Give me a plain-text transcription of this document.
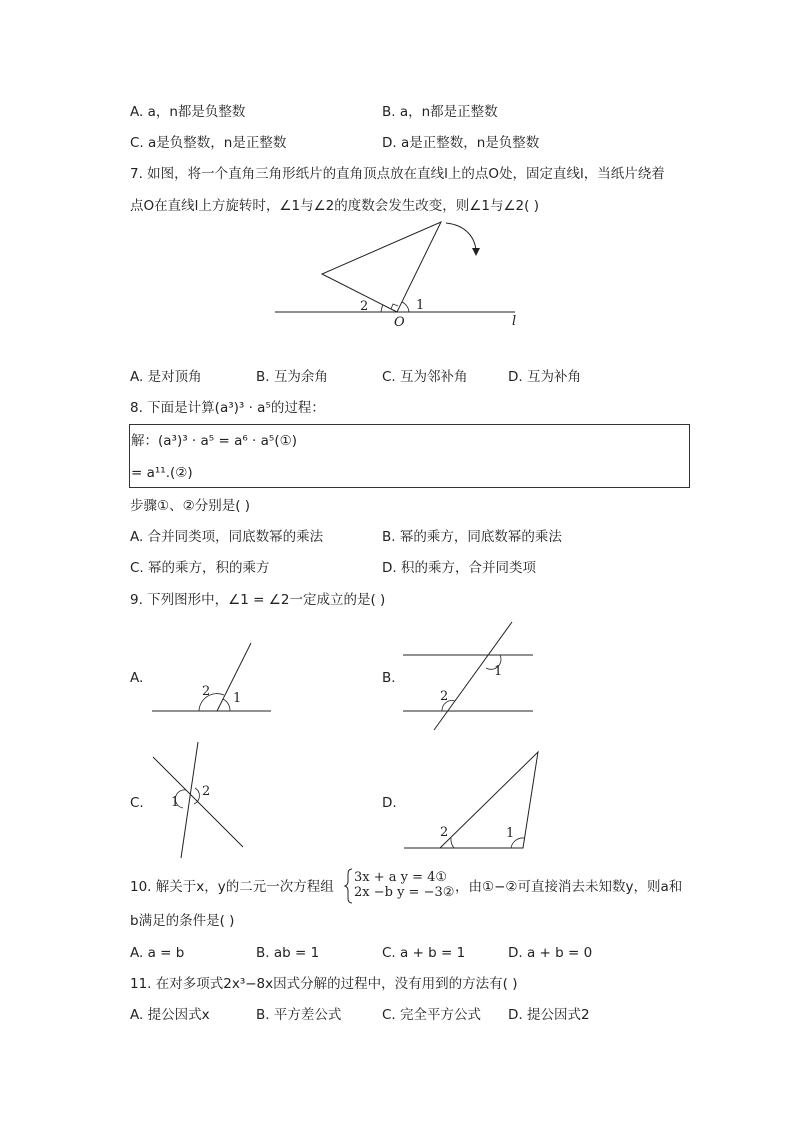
A. a，n都是负整数	B. a，n都是正整数
C. a是负整数，n是正整数	D. a是正整数，n是负整数
7. 如图，将一个直角三角形纸片的直角顶点放在直线l上的点O处，固定直线l，当纸片绕着
点O在直线l上方旋转时，∠1与∠2的度数会发生改变，则∠1与∠2( )
2	1
O	l
A. 是对顶角	B. 互为余角	C. 互为邻补角	D. 互为补角
8. 下面是计算(a³)³ · a⁵的过程：
解：(a³)³ · a⁵ = a⁶ · a⁵(①)
= a¹¹.(②)
步骤①、②分别是( )
A. 合并同类项，同底数幂的乘法	B. 幂的乘方，同底数幂的乘法
C. 幂的乘方，积的乘方	D. 积的乘方，合并同类项
9. 下列图形中，∠1 = ∠2一定成立的是( )
A.	B.
C.	D.
2 1
1
2
1
2
2	1
10. 解关于x，y的二元一次方程组
3x + a y = 4①
2x −b y = −3② ，由①−②可直接消去未知数y，则a和
b满足的条件是( )
A. a = b	B. ab = 1	C. a + b = 1	D. a + b = 0
11. 在对多项式2x³−8x因式分解的过程中，没有用到的方法有( )
A. 提公因式x	B. 平方差公式	C. 完全平方公式 D. 提公因式2
